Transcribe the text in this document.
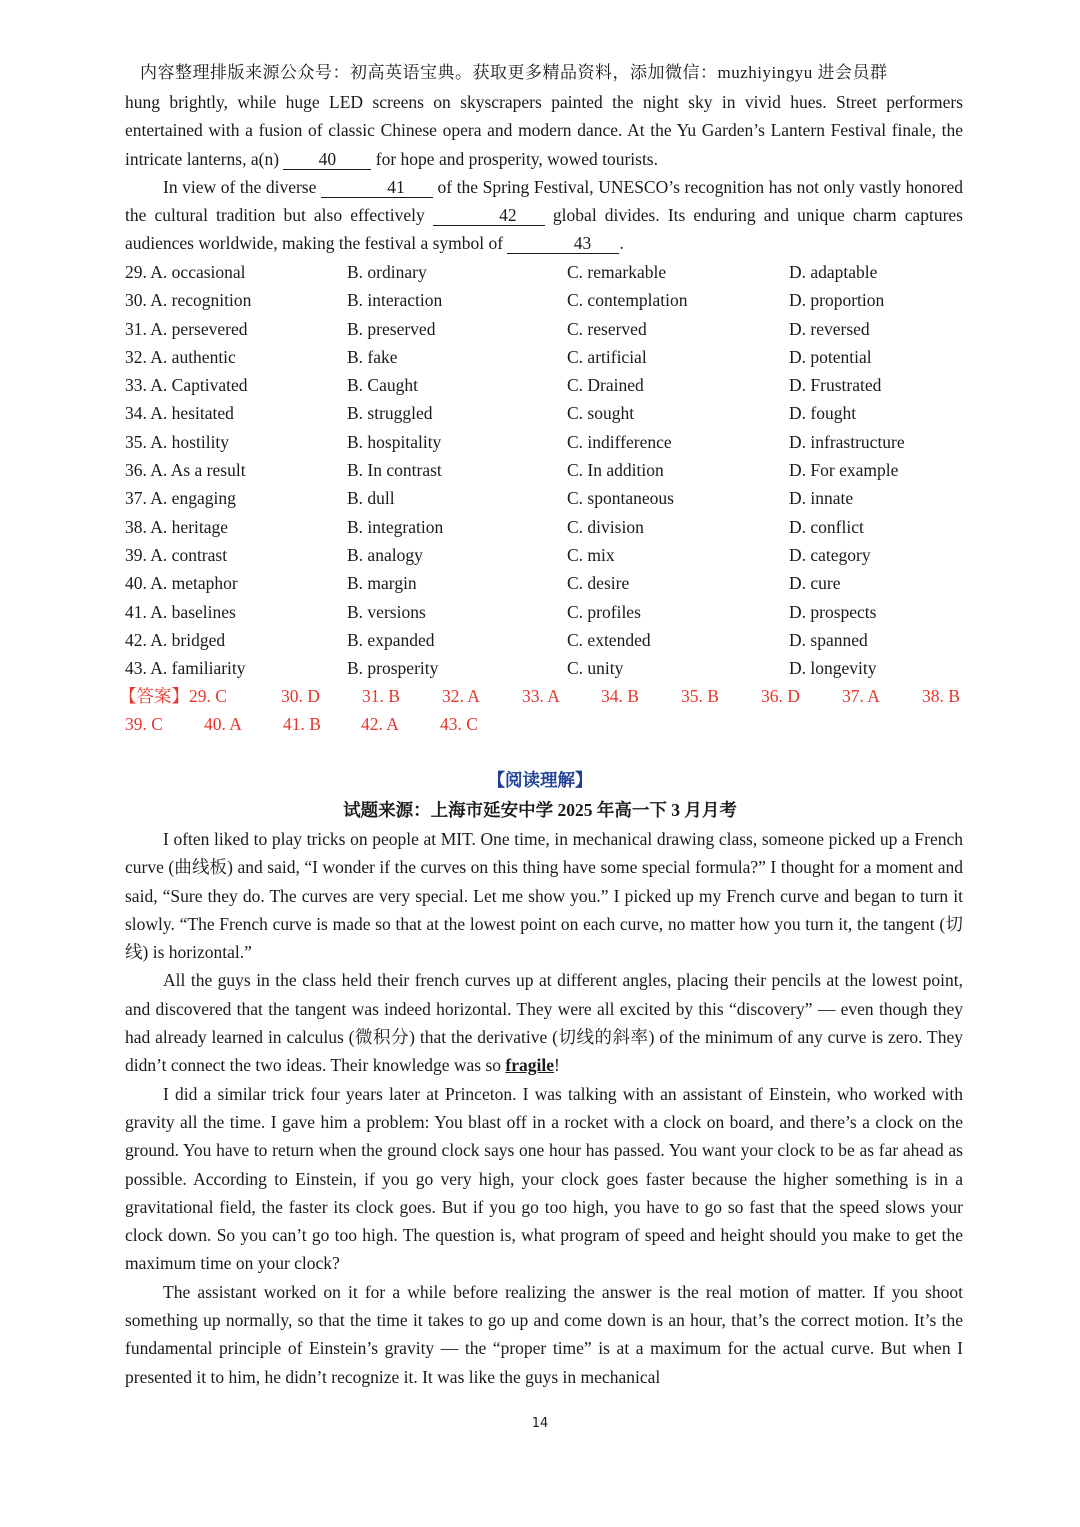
内容整理排版来源公众号：初高英语宝典。获取更多精品资料，添加微信：muzhiyingyu 进会员群

hung brightly, while huge LED screens on skyscrapers painted the night sky in vivid hues. Street performers entertained with a fusion of classic Chinese opera and modern dance. At the Yu Garden’s Lantern Festival finale, the intricate lanterns, a(n) 40 for hope and prosperity, wowed tourists.

In view of the diverse	41 of the Spring Festival, UNESCO’s recognition has not only vastly honored the cultural tradition but also effectively	42 global divides. Its enduring and unique charm captures audiences worldwide, making the festival a symbol of	43 .

29. A. occasional	B. ordinary	C. remarkable	D. adaptable
30. A. recognition	B. interaction	C. contemplation	D. proportion
31. A. persevered	B. preserved	C. reserved	D. reversed
32. A. authentic	B. fake	C. artificial	D. potential
33. A. Captivated	B. Caught	C. Drained	D. Frustrated
34. A. hesitated	B. struggled	C. sought	D. fought
35. A. hostility	B. hospitality	C. indifference	D. infrastructure
36. A. As a result	B. In contrast	C. In addition	D. For example
37. A. engaging	B. dull	C. spontaneous	D. innate
38. A. heritage	B. integration	C. division	D. conflict
39. A. contrast	B. analogy	C. mix	D. category
40. A. metaphor	B. margin	C. desire	D. cure
41. A. baselines	B. versions	C. profiles	D. prospects
42. A. bridged	B. expanded	C. extended	D. spanned
43. A. familiarity	B. prosperity	C. unity	D. longevity
【答案】29. C	30. D 31. B 32. A 33. A 34. B 35. B 36. D 37. A 38. B
39. C 40. A 41. B 42. A 43. C
【阅读理解】
试题来源：上海市延安中学 2025 年高一下 3 月月考

I often liked to play tricks on people at MIT. One time, in mechanical drawing class, someone picked up a French curve (曲线板) and said, “I wonder if the curves on this thing have some special formula?” I thought for a moment and said, “Sure they do. The curves are very special. Let me show you.” I picked up my French curve and began to turn it slowly. “The French curve is made so that at the lowest point on each curve, no matter how you turn it, the tangent (切线) is horizontal.”

All the guys in the class held their french curves up at different angles, placing their pencils at the lowest point, and discovered that the tangent was indeed horizontal. They were all excited by this “discovery” — even though they had already learned in calculus (微积分) that the derivative (切线的斜率) of the minimum of any curve is zero. They didn’t connect the two ideas. Their knowledge was so fragile!

I did a similar trick four years later at Princeton. I was talking with an assistant of Einstein, who worked with gravity all the time. I gave him a problem: You blast off in a rocket with a clock on board, and there’s a clock on the ground. You have to return when the ground clock says one hour has passed. You want your clock to be as far ahead as possible. According to Einstein, if you go very high, your clock goes faster because the higher something is in a gravitational field, the faster its clock goes. But if you go too high, you have to go so fast that the speed slows your clock down. So you can’t go too high. The question is, what program of speed and height should you make to get the maximum time on your clock?

The assistant worked on it for a while before realizing the answer is the real motion of matter. If you shoot something up normally, so that the time it takes to go up and come down is an hour, that’s the correct motion. It’s the fundamental principle of Einstein’s gravity — the “proper time” is at a maximum for the actual curve. But when I presented it to him, he didn’t recognize it. It was like the guys in mechanical

14
